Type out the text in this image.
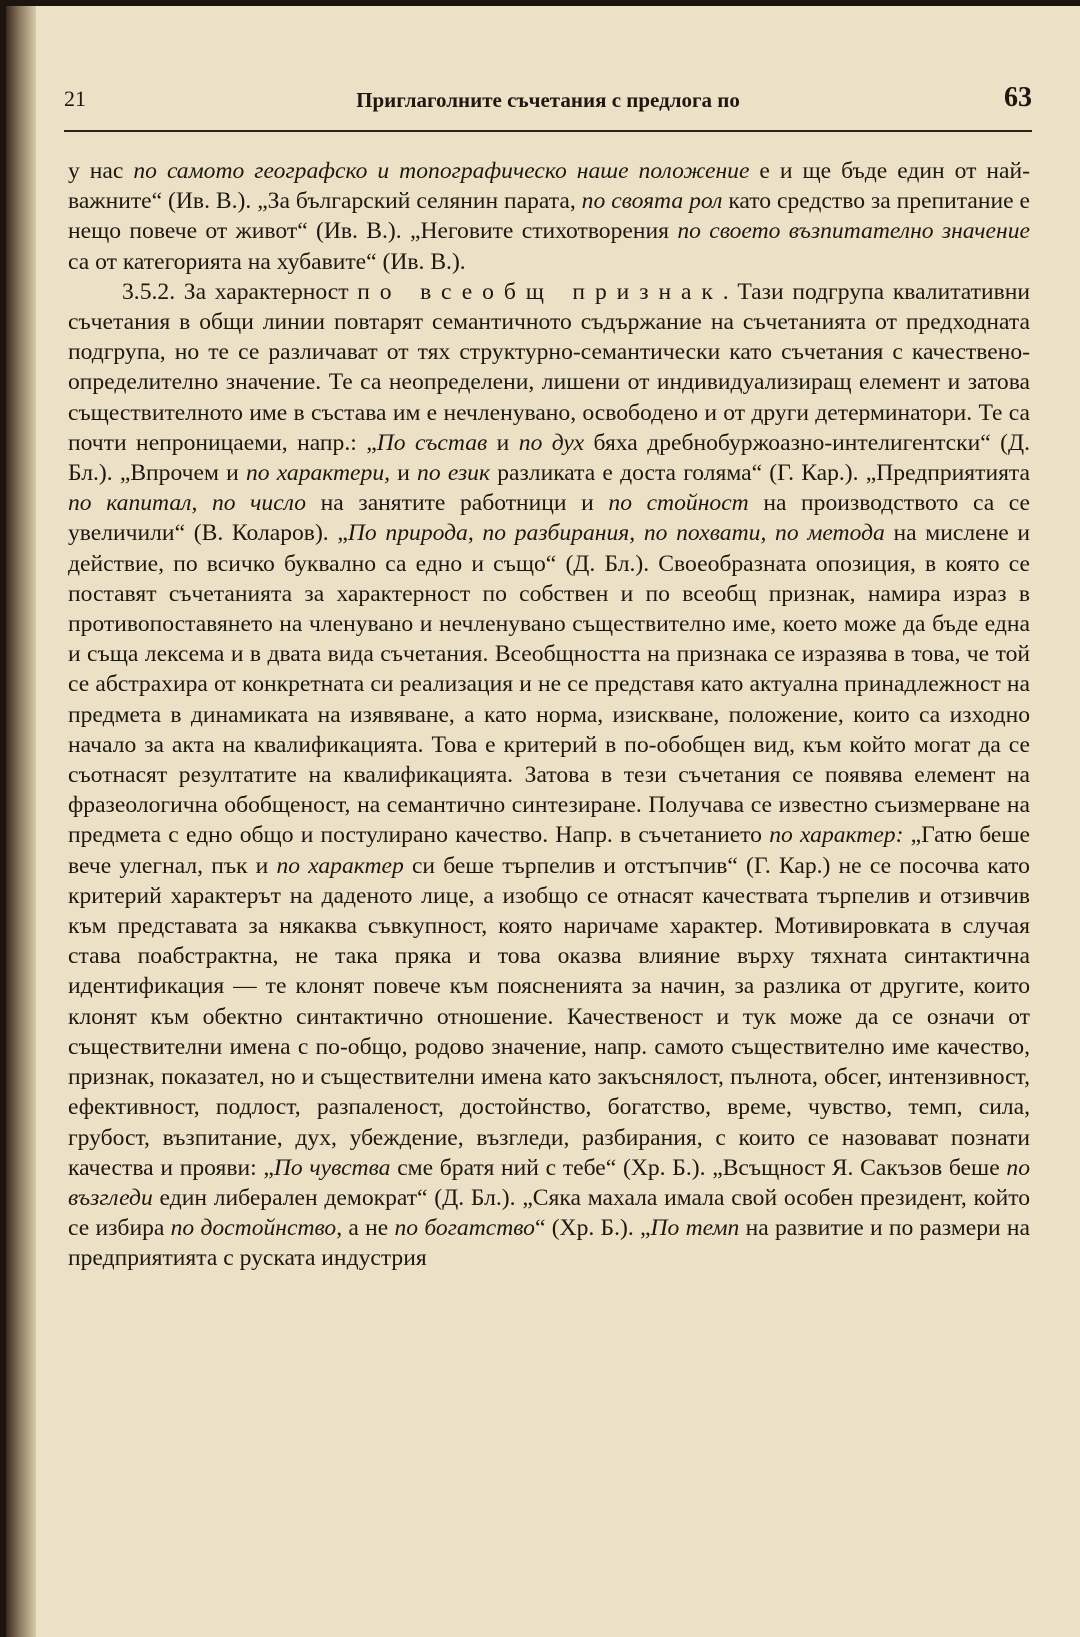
21	Приглаголните съчетания с предлога по	63

у нас по самото географско и топографическо наше положение е и ще бъде един от най-важните“ (Ив. В.). „За българский селянин парата, по своята рол като средство за препитание е нещо повече от живот“ (Ив. В.). „Неговите стихотворения по своето възпитателно значение са от категорията на хубавите“ (Ив. В.).

3.5.2. За характерност по всеобщ признак. Тази подгрупа квалитативни съчетания в общи линии повтарят семантичното съдържание на съчетанията от предходната подгрупа, но те се различават от тях структурно-семантически като съчетания с качествено-определително значение. Те са неопределени, лишени от индивидуализиращ елемент и затова съществителното име в състава им е нечленувано, освободено и от други детерминатори. Те са почти непроницаеми, напр.: „По състав и по дух бяха дребнобуржоазно-интелигентски“ (Д. Бл.). „Впрочем и по характери, и по език разликата е доста голяма“ (Г. Кар.). „Предприятията по капитал, по число на занятите работници и по стойност на производството са се увеличили“ (В. Коларов). „По природа, по разбирания, по похвати, по метода на мислене и действие, по всичко буквално са едно и също“ (Д. Бл.). Своеобразната опозиция, в която се поставят съчетанията за характерност по собствен и по всеобщ признак, намира израз в противопоставянето на членувано и нечленувано съществително име, което може да бъде една и съща лексема и в двата вида съчетания. Всеобщността на признака се изразява в това, че той се абстрахира от конкретната си реализация и не се представя като актуална принадлежност на предмета в динамиката на изявяване, а като норма, изискване, положение, които са изходно начало за акта на квалификацията. Това е критерий в по-обобщен вид, към който могат да се съотнасят резултатите на квалификацията. Затова в тези съчетания се появява елемент на фразеологична обобщеност, на семантично синтезиране. Получава се известно съизмерване на предмета с едно общо и постулирано качество. Напр. в съчетанието по характер: „Гатю беше вече улегнал, пък и по характер си беше търпелив и отстъпчив“ (Г. Кар.) не се посочва като критерий характерът на даденото лице, а изобщо се отнасят качествата търпелив и отзивчив към представата за някаква съвкупност, която наричаме характер. Мотивировката в случая става поабстрактна, не така пряка и това оказва влияние върху тяхната синтактична идентификация — те клонят повече към поясненията за начин, за разлика от другите, които клонят към обектно синтактично отношение. Качественост и тук може да се означи от съществителни имена с по-общо, родово значение, напр. самото съществително име качество, признак, показател, но и съществителни имена като закъснялост, пълнота, обсег, интензивност, ефективност, подлост, разпаленост, достойнство, богатство, време, чувство, темп, сила, грубост, възпитание, дух, убеждение, възгледи, разбирания, с които се назовават познати качества и прояви: „По чувства сме братя ний с тебе“ (Хр. Б.). „Всъщност Я. Сакъзов беше по възгледи един либерален демократ“ (Д. Бл.). „Сяка махала имала свой особен президент, който се избира по достойнство, а не по богатство“ (Хр. Б.). „По темп на развитие и по размери на предприятията с руската индустрия
